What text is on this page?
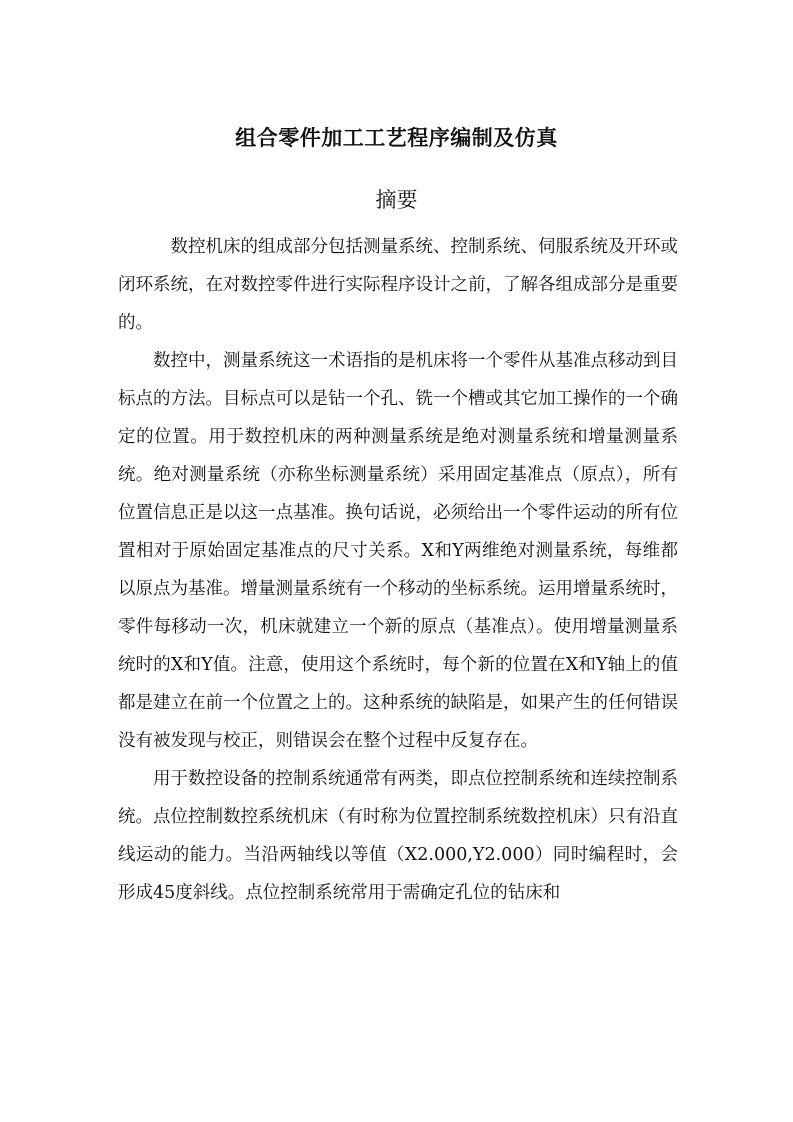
组合零件加工工艺程序编制及仿真
摘要

数控机床的组成部分包括测量系统、控制系统、伺服系统及开环或闭环系统，在对数控零件进行实际程序设计之前，了解各组成部分是重要的。

数控中，测量系统这一术语指的是机床将一个零件从基准点移动到目标点的方法。目标点可以是钻一个孔、铣一个槽或其它加工操作的一个确定的位置。用于数控机床的两种测量系统是绝对测量系统和增量测量系统。绝对测量系统（亦称坐标测量系统）采用固定基准点（原点），所有位置信息正是以这一点基准。换句话说，必须给出一个零件运动的所有位置相对于原始固定基准点的尺寸关系。X和Y两维绝对测量系统，每维都以原点为基准。增量测量系统有一个移动的坐标系统。运用增量系统时，零件每移动一次，机床就建立一个新的原点（基准点）。使用增量测量系统时的X和Y值。注意，使用这个系统时，每个新的位置在X和Y轴上的值都是建立在前一个位置之上的。这种系统的缺陷是，如果产生的任何错误没有被发现与校正，则错误会在整个过程中反复存在。

用于数控设备的控制系统通常有两类，即点位控制系统和连续控制系统。点位控制数控系统机床（有时称为位置控制系统数控机床）只有沿直线运动的能力。当沿两轴线以等值（X2.000,Y2.000）同时编程时，会形成45度斜线。点位控制系统常用于需确定孔位的钻床和
